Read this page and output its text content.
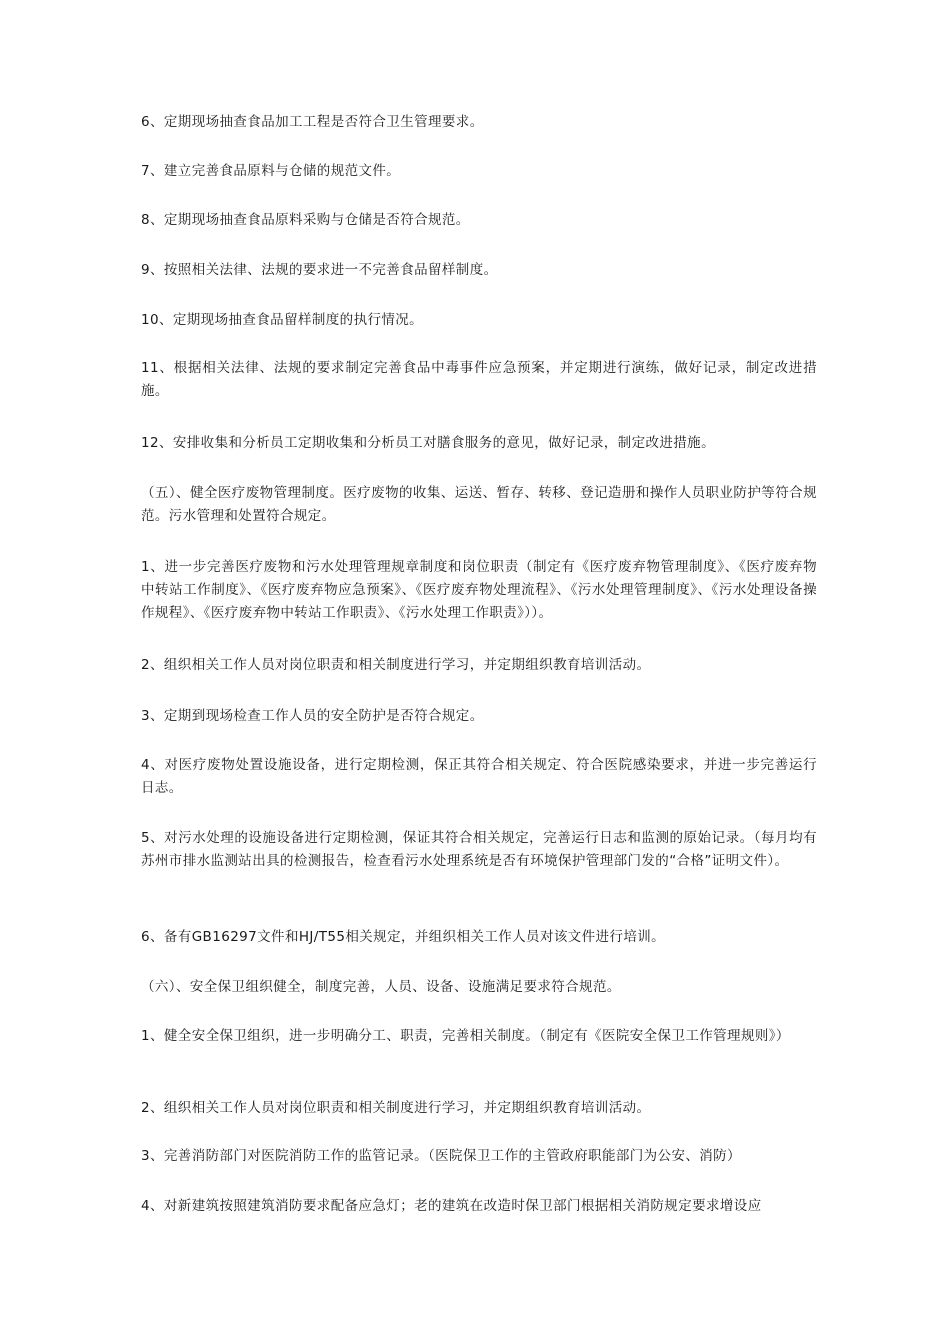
6、定期现场抽查食品加工工程是否符合卫生管理要求。

7、建立完善食品原料与仓储的规范文件。

8、定期现场抽查食品原料采购与仓储是否符合规范。

9、按照相关法律、法规的要求进一不完善食品留样制度。

10、定期现场抽查食品留样制度的执行情况。

11、根据相关法律、法规的要求制定完善食品中毒事件应急预案，并定期进行演练，做好记录，制定改进措施。

12、安排收集和分析员工定期收集和分析员工对膳食服务的意见，做好记录，制定改进措施。

（五）、健全医疗废物管理制度。医疗废物的收集、运送、暂存、转移、登记造册和操作人员职业防护等符合规范。污水管理和处置符合规定。

1、进一步完善医疗废物和污水处理管理规章制度和岗位职责（制定有《医疗废弃物管理制度》、《医疗废弃物中转站工作制度》、《医疗废弃物应急预案》、《医疗废弃物处理流程》、《污水处理管理制度》、《污水处理设备操作规程》、《医疗废弃物中转站工作职责》、《污水处理工作职责》））。

2、组织相关工作人员对岗位职责和相关制度进行学习，并定期组织教育培训活动。

3、定期到现场检查工作人员的安全防护是否符合规定。

4、对医疗废物处置设施设备，进行定期检测，保正其符合相关规定、符合医院感染要求，并进一步完善运行日志。

5、对污水处理的设施设备进行定期检测，保证其符合相关规定，完善运行日志和监测的原始记录。（每月均有苏州市排水监测站出具的检测报告，检查看污水处理系统是否有环境保护管理部门发的“合格”证明文件）。

6、备有GB16297文件和HJ/T55相关规定，并组织相关工作人员对该文件进行培训。

（六）、安全保卫组织健全，制度完善，人员、设备、设施满足要求符合规范。

1、健全安全保卫组织，进一步明确分工、职责，完善相关制度。（制定有《医院安全保卫工作管理规则》）

2、组织相关工作人员对岗位职责和相关制度进行学习，并定期组织教育培训活动。

3、完善消防部门对医院消防工作的监管记录。（医院保卫工作的主管政府职能部门为公安、消防）

4、对新建筑按照建筑消防要求配备应急灯；老的建筑在改造时保卫部门根据相关消防规定要求增设应
